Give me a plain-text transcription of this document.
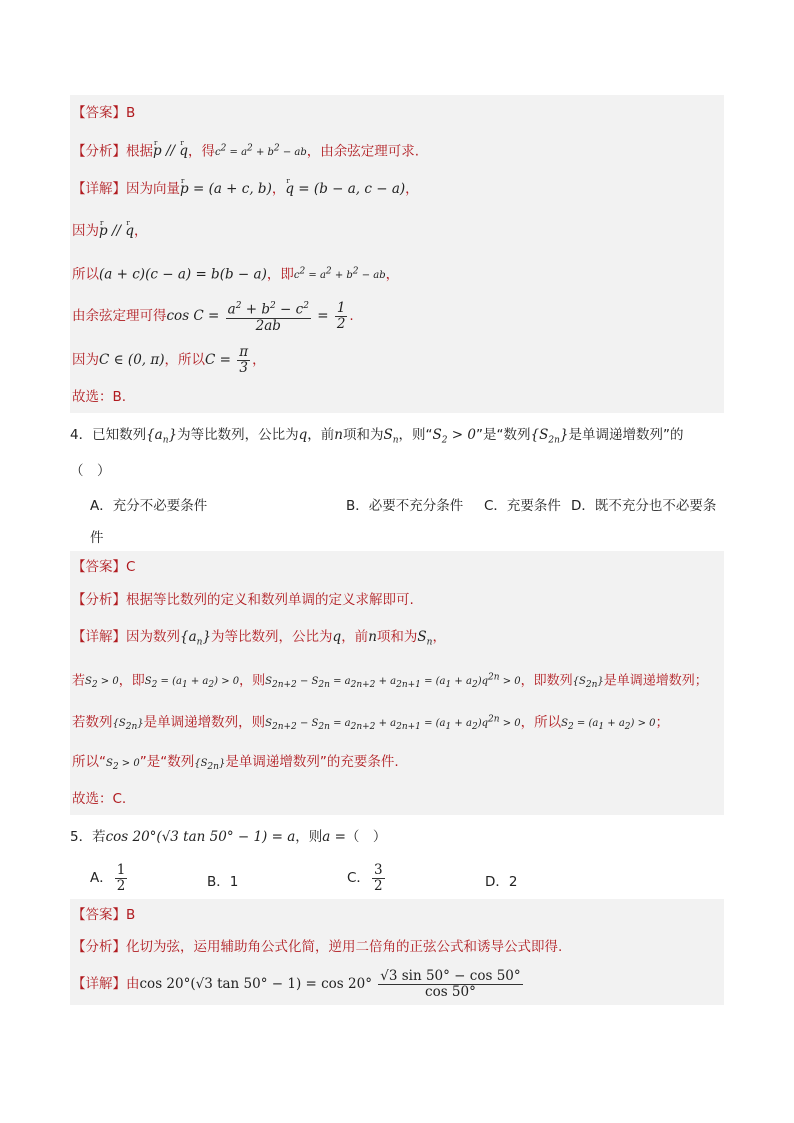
【答案】B
【分析】根据r p // r q，得$c^2 = a^2 + b^2$ − ab，由余弦定理可求.
【详解】因为向量r p = (a + c, b)，r q = (b − a, c − a)，
因为r p // r q，
所以(a + c)(c − a) = b(b − a)，即$c^2 = a^2 + b^2$ − ab，
由余弦定理可得$\cos C = \frac{a^2 + b^2 - c^2}{2ab} = \frac{1}{2}$ .
因为C ∈ (0, π)，所以$C = \frac{\pi}{3}$ ，
故选：B.
4．已知数列$\{a_n\}$为等比数列，公比为q，前n项和为$S_n$，则“$S_2 > 0$”是“数列$\{S_{2n}\}$是单调递增数列”的
（　）
A．充分不必要条件	B．必要不充分条件 C．充要条件 D．既不充分也不必要条
件
【答案】C
【分析】根据等比数列的定义和数列单调的定义求解即可.
【详解】因为数列$\{a_n\}$为等比数列，公比为q，前n项和为$S_n$，
若$S_2 > 0$，即$S_2 = (a_1 + a_2) > 0$，则$S_{2n+2} - S_{2n} = a_{2n+2} + a_{2n+1} = (a_1 + a_2)q^{2n} > 0$，即数列$\{S_{2n}\}$是单调递增数列；
若数列$\{S_{2n}\}$是单调递增数列，则$S_{2n+2} - S_{2n} = a_{2n+2} + a_{2n+1} = (a_1 + a_2)q^{2n} > 0$，所以$S_2 = (a_1 + a_2) > 0$；
所以“$S_2 > 0$”是“数列$\{S_{2n}\}$是单调递增数列”的充要条件.
故选：C.
5．若cos 20°(√3 tan 50° − 1) = a，则a =（　）
A． $\frac{1}{2}$	B．1	C． $\frac{3}{2}$	D．2
【答案】B
【分析】化切为弦，运用辅助角公式化简，逆用二倍角的正弦公式和诱导公式即得.
【详解】由cos 20°(√3 $\tan 50^\circ - 1) = \cos 20^\circ \frac{√3 \sin 50^\circ - \cos 50^\circ}{\cos 50^\circ}$
